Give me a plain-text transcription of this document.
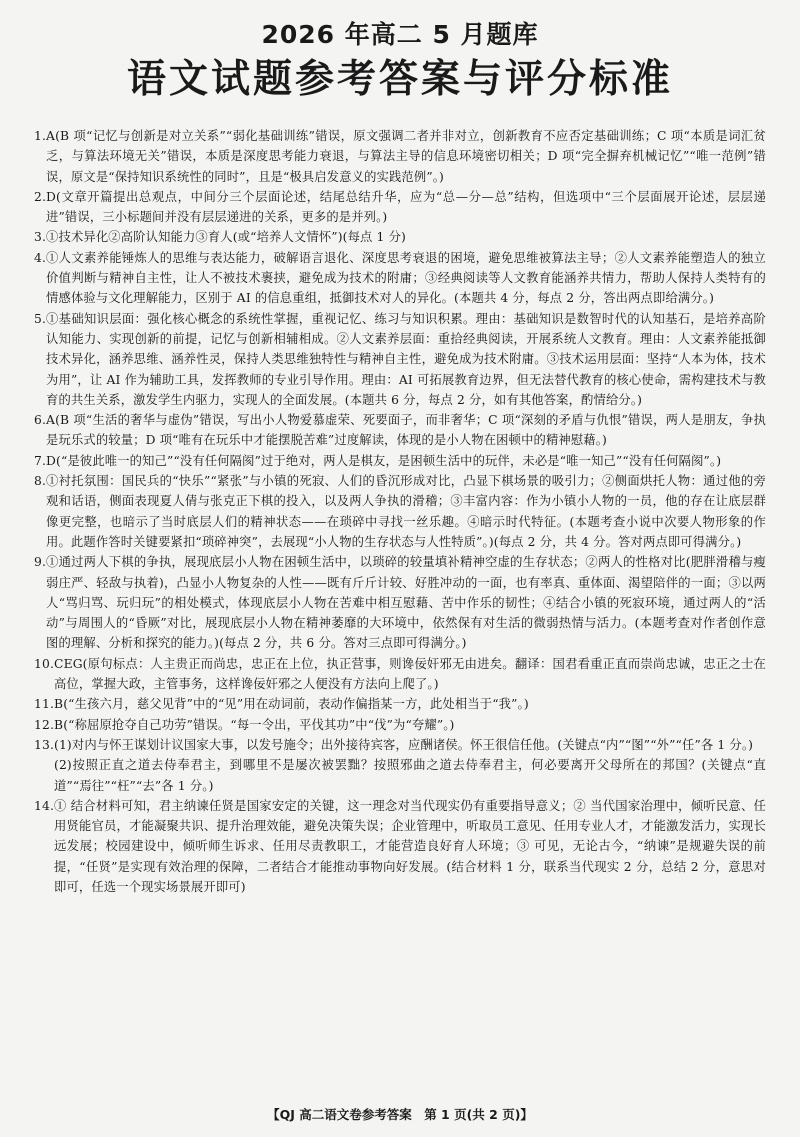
2026 年高二 5 月题库
语文试题参考答案与评分标准
1. A(B 项“记忆与创新是对立关系”“弱化基础训练”错误，原文强调二者并非对立，创新教育不应否定基础训练；C 项“本质是词汇贫乏，与算法环境无关”错误，本质是深度思考能力衰退，与算法主导的信息环境密切相关；D 项“完全摒弃机械记忆”“唯一范例”错误，原文是“保持知识系统性的同时”，且是“极具启发意义的实践范例”。)
2. D(文章开篇提出总观点，中间分三个层面论述，结尾总结升华，应为“总—分—总”结构，但选项中“三个层面展开论述，层层递进”错误，三小标题间并没有层层递进的关系，更多的是并列。)
3. ①技术异化②高阶认知能力③育人(或“培养人文情怀”)(每点 1 分)
4. ①人文素养能锤炼人的思维与表达能力，破解语言退化、深度思考衰退的困境，避免思维被算法主导；②人文素养能塑造人的独立价值判断与精神自主性，让人不被技术裹挟，避免成为技术的附庸；③经典阅读等人文教育能涵养共情力，帮助人保持人类特有的情感体验与文化理解能力，区别于 AI 的信息重组，抵御技术对人的异化。(本题共 4 分，每点 2 分，答出两点即给满分。)
5. ①基础知识层面：强化核心概念的系统性掌握，重视记忆、练习与知识积累。理由：基础知识是数智时代的认知基石，是培养高阶认知能力、实现创新的前提，记忆与创新相辅相成。②人文素养层面：重拾经典阅读，开展系统人文教育。理由：人文素养能抵御技术异化，涵养思维、涵养性灵，保持人类思维独特性与精神自主性，避免成为技术附庸。③技术运用层面：坚持“人本为体，技术为用”，让 AI 作为辅助工具，发挥教师的专业引导作用。理由：AI 可拓展教育边界，但无法替代教育的核心使命，需构建技术与教育的共生关系，激发学生内驱力，实现人的全面发展。(本题共 6 分，每点 2 分，如有其他答案，酌情给分。)
6. A(B 项“生活的奢华与虚伪”错误，写出小人物爱慕虚荣、死要面子，而非奢华；C 项“深刻的矛盾与仇恨”错误，两人是朋友，争执是玩乐式的较量；D 项“唯有在玩乐中才能摆脱苦难”过度解读，体现的是小人物在困顿中的精神慰藉。)
7. D(“是彼此唯一的知己”“没有任何隔阂”过于绝对，两人是棋友，是困顿生活中的玩伴，未必是“唯一知己”“没有任何隔阂”。)
8. ①衬托氛围：国民兵的“快乐”“紧张”与小镇的死寂、人们的昏沉形成对比，凸显下棋场景的吸引力；②侧面烘托人物：通过他的旁观和话语，侧面表现夏人倩与张克正下棋的投入，以及两人争执的滑稽；③丰富内容：作为小镇小人物的一员，他的存在让底层群像更完整，也暗示了当时底层人们的精神状态——在琐碎中寻找一丝乐趣。④暗示时代特征。(本题考查小说中次要人物形象的作用。此题作答时关键要紧扣“琐碎神突”，去展现“小人物的生存状态与人性特质”。)(每点 2 分，共 4 分。答对两点即可得满分。)
9. ①通过两人下棋的争执，展现底层小人物在困顿生活中，以琐碎的较量填补精神空虚的生存状态；②两人的性格对比(肥胖滑稽与瘦弱庄严、轻敌与执着)，凸显小人物复杂的人性——既有斤斤计较、好胜冲动的一面，也有率真、重体面、渴望陪伴的一面；③以两人“骂归骂、玩归玩”的相处模式，体现底层小人物在苦难中相互慰藉、苦中作乐的韧性；④结合小镇的死寂环境，通过两人的“活动”与周围人的“昏厥”对比，展现底层小人物在精神萎靡的大环境中，依然保有对生活的微弱热情与活力。(本题考查对作者创作意图的理解、分析和探究的能力。)(每点 2 分，共 6 分。答对三点即可得满分。)
10. CEG(原句标点：人主贵正而尚忠，忠正在上位，执正营事，则谗佞奸邪无由进矣。翻译：国君看重正直而崇尚忠诚，忠正之士在高位，掌握大政，主管事务，这样谗佞奸邪之人便没有方法向上爬了。)
11. B(“生孩六月，慈父见背”中的“见”用在动词前，表动作偏指某一方，此处相当于“我”。)
12. B(“称屈原抢夺自己功劳”错误。“每一令出，平伐其功”中“伐”为“夸耀”。)
13. (1)对内与怀王谋划计议国家大事，以发号施令；出外接待宾客，应酬诸侯。怀王很信任他。(关键点“内”“图”“外”“任”各 1 分。)
(2)按照正直之道去侍奉君主，到哪里不是屡次被罢黜？按照邪曲之道去侍奉君主，何必要离开父母所在的邦国？(关键点“直道”“焉往”“枉”“去”各 1 分。)
14. ① 结合材料可知，君主纳谏任贤是国家安定的关键，这一理念对当代现实仍有重要指导意义；② 当代国家治理中，倾听民意、任用贤能官员，才能凝聚共识、提升治理效能，避免决策失误；企业管理中，听取员工意见、任用专业人才，才能激发活力，实现长远发展；校园建设中，倾听师生诉求、任用尽责教职工，才能营造良好育人环境；③ 可见，无论古今，“纳谏”是规避失误的前提，“任贤”是实现有效治理的保障，二者结合才能推动事物向好发展。(结合材料 1 分，联系当代现实 2 分，总结 2 分，意思对即可，任选一个现实场景展开即可)
【QJ 高二语文卷参考答案　第 1 页(共 2 页)】
